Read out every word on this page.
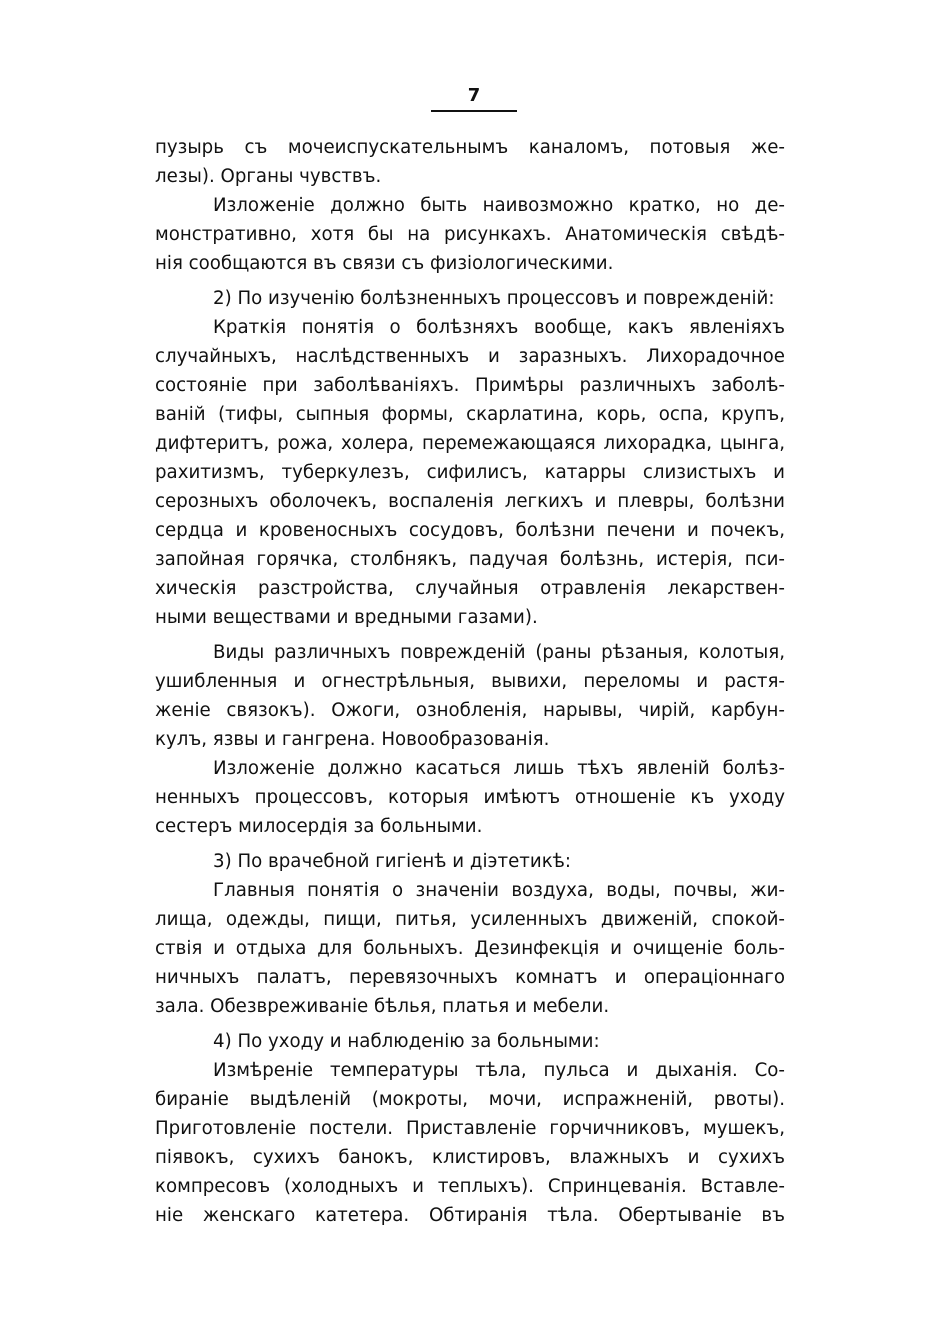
7
пузырь съ мочеиспускательнымъ каналомъ, потовыя же-
лезы). Органы чувствъ.
Изложеніе должно быть наивозможно кратко, но де-
монстративно, хотя бы на рисункахъ. Анатомическія свѣдѣ-
нія сообщаются въ связи съ физіологическими.
2) По изученію болѣзненныхъ процессовъ и поврежденій:
Краткія понятія о болѣзняхъ вообще, какъ явленіяхъ
случайныхъ, наслѣдственныхъ и заразныхъ. Лихорадочное
состояніе при заболѣваніяхъ. Примѣры различныхъ заболѣ-
ваній (тифы, сыпныя формы, скарлатина, корь, оспа, крупъ,
дифтеритъ, рожа, холера, перемежающаяся лихорадка, цынга,
рахитизмъ, туберкулезъ, сифилисъ, катарры слизистыхъ и
серозныхъ оболочекъ, воспаленія легкихъ и плевры, болѣзни
сердца и кровеносныхъ сосудовъ, болѣзни печени и почекъ,
запойная горячка, столбнякъ, падучая болѣзнь, истерія, пси-
хическія разстройства, случайныя отравленія лекарствен-
ными веществами и вредными газами).
Виды различныхъ поврежденій (раны рѣзаныя, колотыя,
ушибленныя и огнестрѣльныя, вывихи, переломы и растя-
женіе связокъ). Ожоги, ознобленія, нарывы, чирій, карбун-
кулъ, язвы и гангрена. Новообразованія.
Изложеніе должно касаться лишь тѣхъ явленій болѣз-
ненныхъ процессовъ, которыя имѣютъ отношеніе къ уходу
сестеръ милосердія за больными.
3) По врачебной гигіенѣ и діэтетикѣ:
Главныя понятія о значеніи воздуха, воды, почвы, жи-
лища, одежды, пищи, питья, усиленныхъ движеній, спокой-
ствія и отдыха для больныхъ. Дезинфекція и очищеніе боль-
ничныхъ палатъ, перевязочныхъ комнатъ и операціоннаго
зала. Обезвреживаніе бѣлья, платья и мебели.
4) По уходу и наблюденію за больными:
Измѣреніе температуры тѣла, пульса и дыханія. Со-
бираніе выдѣленій (мокроты, мочи, испражненій, рвоты).
Приготовленіе постели. Приставленіе горчичниковъ, мушекъ,
піявокъ, сухихъ банокъ, клистировъ, влажныхъ и сухихъ
компресовъ (холодныхъ и теплыхъ). Спринцеванія. Вставле-
ніе женскаго катетера. Обтиранія тѣла. Обертываніе въ
